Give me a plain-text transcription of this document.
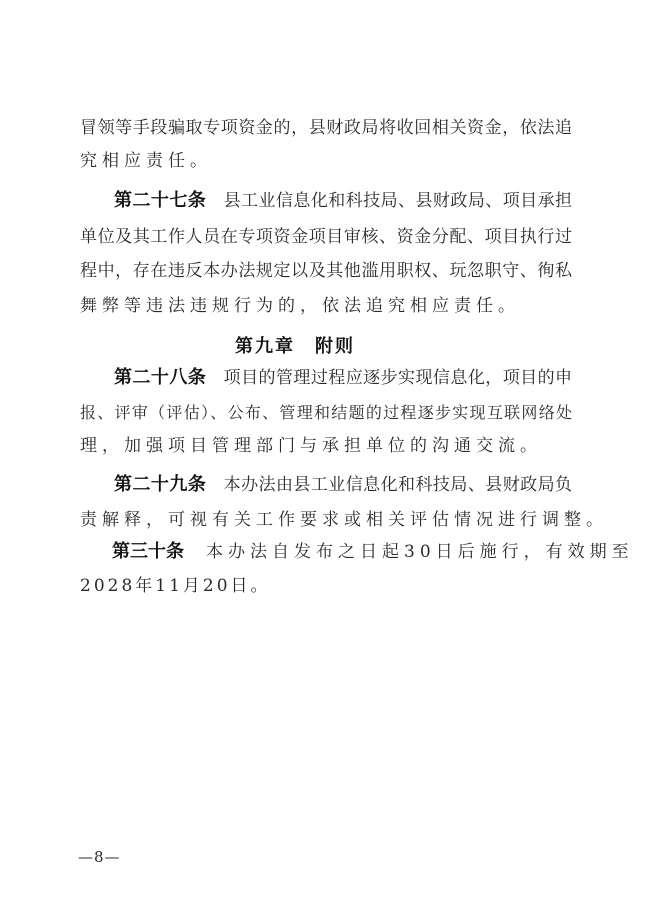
冒领等手段骗取专项资金的，县财政局将收回相关资金，依法追
究相应责任。
第二十七条　 县工业信息化和科技局、县财政局、项目承担
单位及其工作人员在专项资金项目审核、资金分配、项目执行过
程中，存在违反本办法规定以及其他滥用职权、玩忽职守、徇私
舞弊等违法违规行为的，依法追究相应责任。
第九章　附则
第二十八条　 项目的管理过程应逐步实现信息化，项目的申
报、评审（评估）、公布、管理和结题的过程逐步实现互联网络处
理，加强项目管理部门与承担单位的沟通交流。
第二十九条　 本办法由县工业信息化和科技局、县财政局负
责解释，可视有关工作要求或相关评估情况进行调整。
第三十条　 本办法自发布之日起30日后施行，有效期至
2028年11月20日。
—8—
